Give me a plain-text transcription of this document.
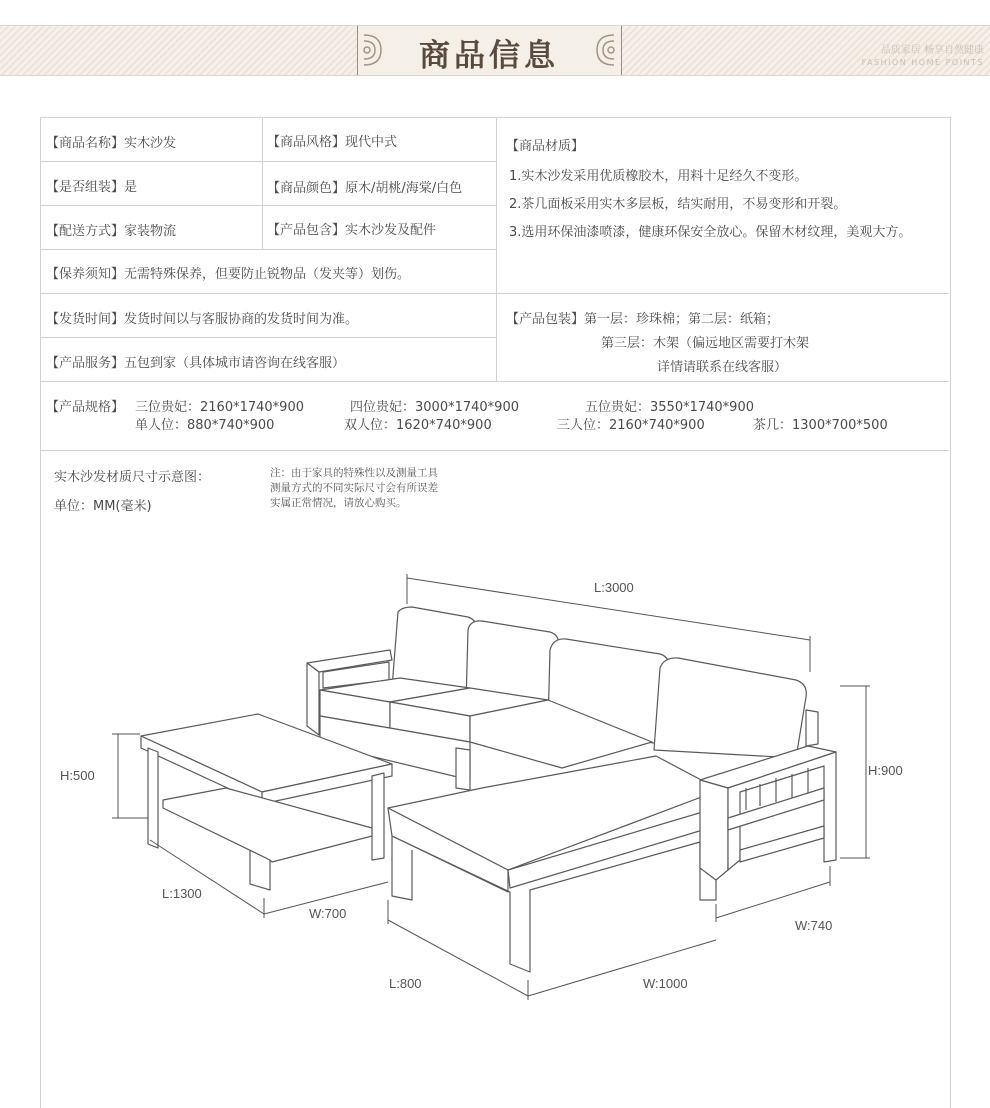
商品信息	品质家居 畅享自然健康
FASHION HOME POINTS
【商品名称】实木沙发	【商品风格】现代中式
【是否组装】是	【商品颜色】原木/胡桃/海棠/白色
【配送方式】家装物流	【产品包含】实木沙发及配件
【保养须知】无需特殊保养，但要防止锐物品（发夹等）划伤。
【商品材质】
1.实木沙发采用优质橡胶木，用料十足经久不变形。
2.茶几面板采用实木多层板，结实耐用，不易变形和开裂。
3.选用环保油漆喷漆，健康环保安全放心。保留木材纹理，美观大方。
【发货时间】发货时间以与客服协商的发货时间为准。
【产品服务】五包到家（具体城市请咨询在线客服）
【产品包装】第一层：珍珠棉；第二层：纸箱；
第三层：木架（偏远地区需要打木架
详情请联系在线客服）
【产品规格】 三位贵妃：2160*1740*900	四位贵妃：3000*1740*900	五位贵妃：3550*1740*900
单人位：880*740*900	双人位：1620*740*900	三人位：2160*740*900	茶几：1300*700*500
实木沙发材质尺寸示意图：
单位：MM(毫米)
注：由于家具的特殊性以及测量工具
测量方式的不同实际尺寸会有所误差
实属正常情况，请放心购买。
L:3000
H:900
W:740
W:1000
L:800
H:500
L:1300
W:700
